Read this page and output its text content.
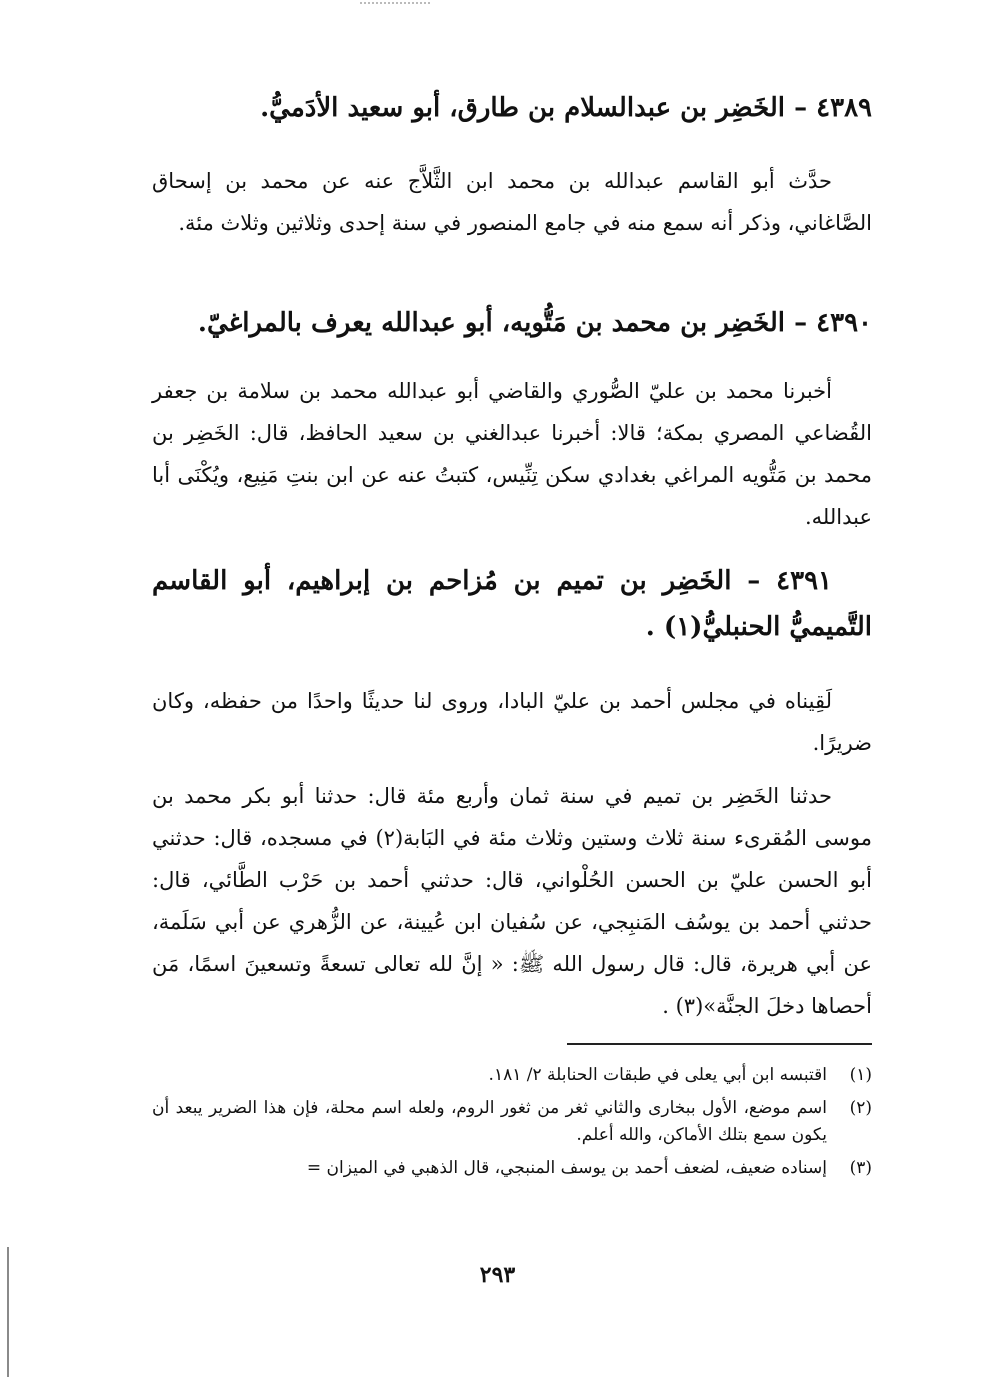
٤٣٨٩ – الخَضِر بن عبدالسلام بن طارق، أبو سعيد الأدَميُّ.

حدَّث أبو القاسم عبدالله بن محمد ابن الثَّلاَّج عنه عن محمد بن إسحاق الصَّاغاني، وذكر أنه سمع منه في جامع المنصور في سنة إحدى وثلاثين وثلاث مئة.

٤٣٩٠ – الخَضِر بن محمد بن مَتُّويه، أبو عبدالله يعرف بالمراغيّ.

أخبرنا محمد بن عليّ الصُّوري والقاضي أبو عبدالله محمد بن سلامة بن جعفر القُضاعي المصري بمكة؛ قالا: أخبرنا عبدالغني بن سعيد الحافظ، قال: الخَضِر بن محمد بن مَتُّويه المراغي بغدادي سكن تِنِّيس، كتبتُ عنه عن ابن بنتِ مَنِيع، ويُكْنَى أبا عبدالله.

٤٣٩١ – الخَضِر بن تميم بن مُزاحم بن إبراهيم، أبو القاسم التَّميميُّ الحنبليُّ(١) .

لَقِيناه في مجلس أحمد بن عليّ البادا، وروى لنا حديثًا واحدًا من حفظه، وكان ضريرًا.

حدثنا الخَضِر بن تميم في سنة ثمان وأربع مئة قال: حدثنا أبو بكر محمد بن موسى المُقرىء سنة ثلاث وستين وثلاث مئة في البَابة(٢) في مسجده، قال: حدثني أبو الحسن عليّ بن الحسن الحُلْواني، قال: حدثني أحمد بن حَرْب الطَّائي، قال: حدثني أحمد بن يوسُف المَنبِجي، عن سُفيان ابن عُيينة، عن الزُّهري عن أبي سَلَمة، عن أبي هريرة، قال: قال رسول الله ﷺ: « إنَّ لله تعالى تسعةً وتسعينَ اسمًا، مَن أحصاها دخلَ الجنَّة»(٣) .

(١)
اقتبسه ابن أبي يعلى في طبقات الحنابلة ٢/ ١٨١.
(٢)
اسم موضع، الأول ببخارى والثاني ثغر من ثغور الروم، ولعله اسم محلة، فإن هذا الضرير يبعد أن يكون سمع بتلك الأماكن، والله أعلم.
(٣)
إسناده ضعيف، لضعف أحمد بن يوسف المنبجي، قال الذهبي في الميزان =
٢٩٣
